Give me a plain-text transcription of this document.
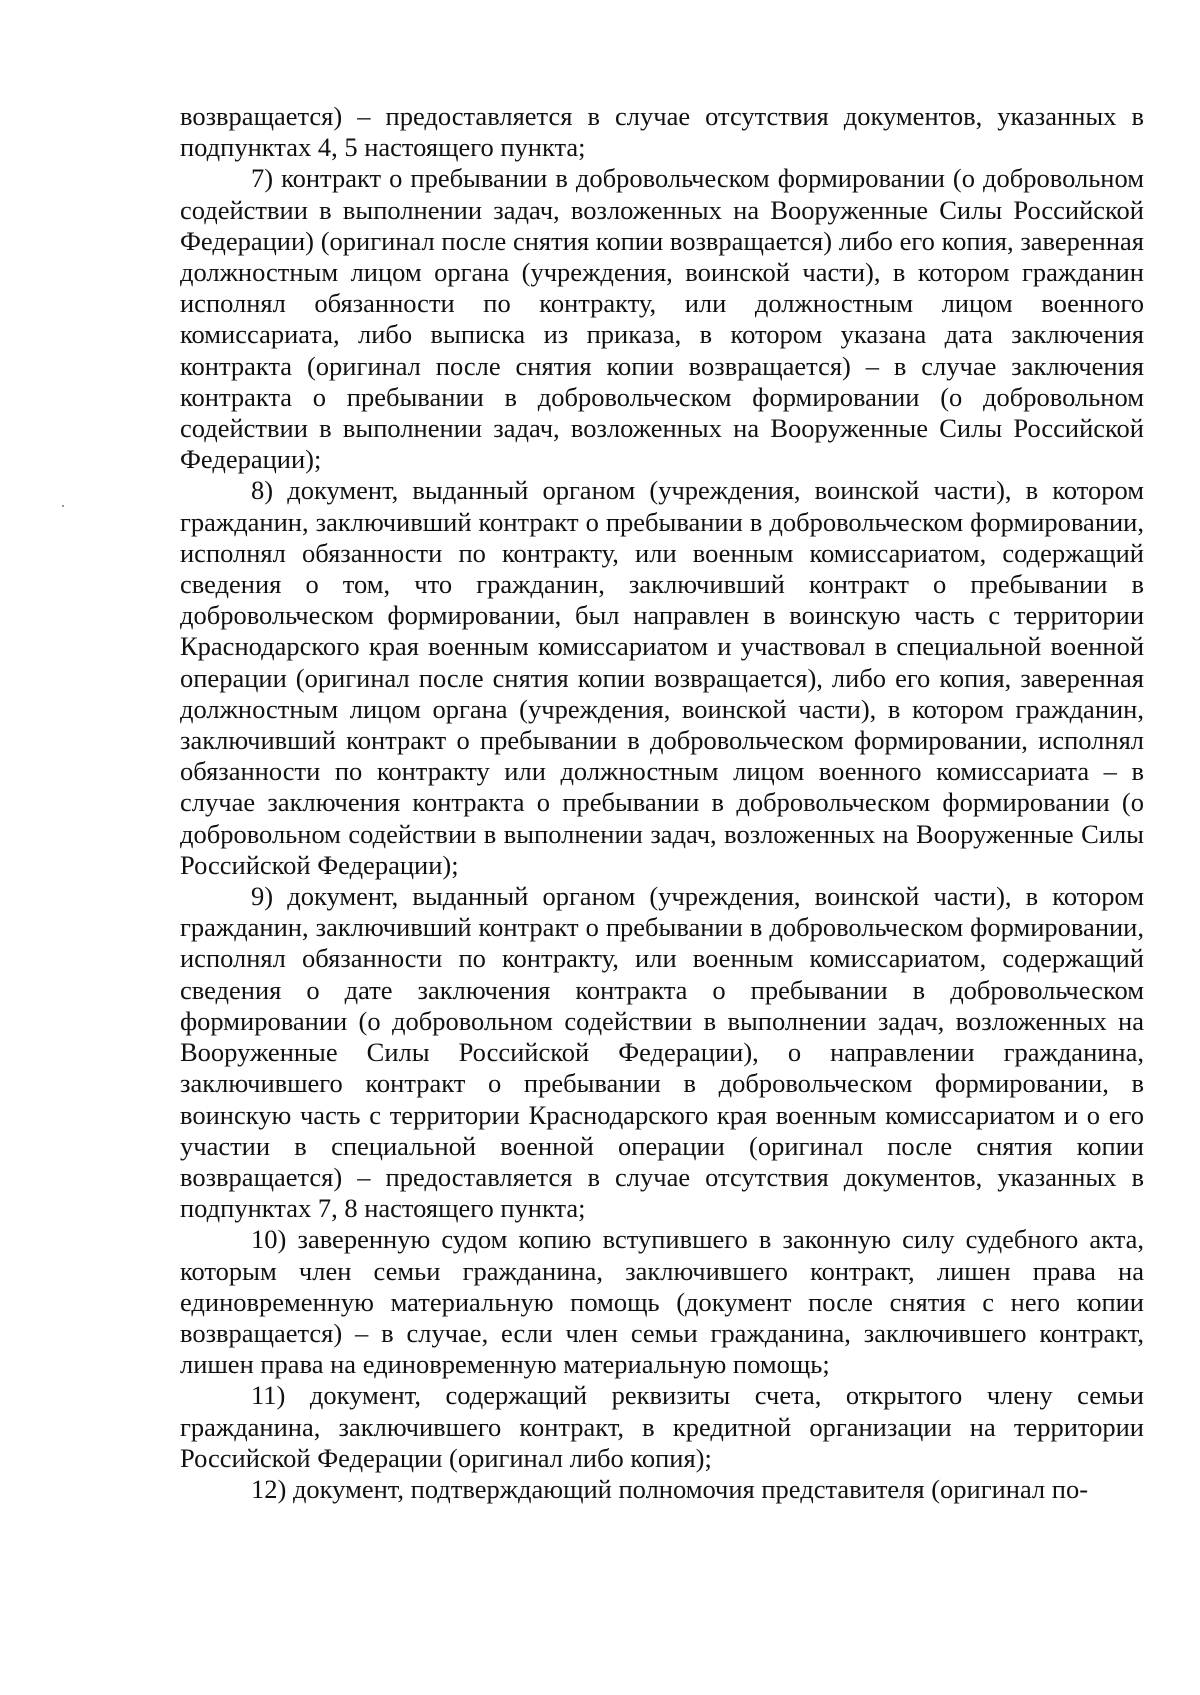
возвращается) – предоставляется в случае отсутствия документов, указанных в подпунктах 4, 5 настоящего пункта;

7) контракт о пребывании в добровольческом формировании (о добровольном содействии в выполнении задач, возложенных на Вооруженные Силы Российской Федерации) (оригинал после снятия копии возвращается) либо его копия, заверенная должностным лицом органа (учреждения, воинской части), в котором гражданин исполнял обязанности по контракту, или должностным лицом военного комиссариата, либо выписка из приказа, в котором указана дата заключения контракта (оригинал после снятия копии возвращается) – в случае заключения контракта о пребывании в добровольческом формировании (о добровольном содействии в выполнении задач, возложенных на Вооруженные Силы Российской Федерации);

8) документ, выданный органом (учреждения, воинской части), в котором гражданин, заключивший контракт о пребывании в добровольческом формировании, исполнял обязанности по контракту, или военным комиссариатом, содержащий сведения о том, что гражданин, заключивший контракт о пребывании в добровольческом формировании, был направлен в воинскую часть с территории Краснодарского края военным комиссариатом и участвовал в специальной военной операции (оригинал после снятия копии возвращается), либо его копия, заверенная должностным лицом органа (учреждения, воинской части), в котором гражданин, заключивший контракт о пребывании в добровольческом формировании, исполнял обязанности по контракту или должностным лицом военного комиссариата – в случае заключения контракта о пребывании в добровольческом формировании (о добровольном содействии в выполнении задач, возложенных на Вооруженные Силы Российской Федерации);

9) документ, выданный органом (учреждения, воинской части), в котором гражданин, заключивший контракт о пребывании в добровольческом формировании, исполнял обязанности по контракту, или военным комиссариатом, содержащий сведения о дате заключения контракта о пребывании в добровольческом формировании (о добровольном содействии в выполнении задач, возложенных на Вооруженные Силы Российской Федерации), о направлении гражданина, заключившего контракт о пребывании в добровольческом формировании, в воинскую часть с территории Краснодарского края военным комиссариатом и о его участии в специальной военной операции (оригинал после снятия копии возвращается) – предоставляется в случае отсутствия документов, указанных в подпунктах 7, 8 настоящего пункта;

10) заверенную судом копию вступившего в законную силу судебного акта, которым член семьи гражданина, заключившего контракт, лишен права на единовременную материальную помощь (документ после снятия с него копии возвращается) – в случае, если член семьи гражданина, заключившего контракт, лишен права на единовременную материальную помощь;

11) документ, содержащий реквизиты счета, открытого члену семьи гражданина, заключившего контракт, в кредитной организации на территории Российской Федерации (оригинал либо копия);

12) документ, подтверждающий полномочия представителя (оригинал по-
